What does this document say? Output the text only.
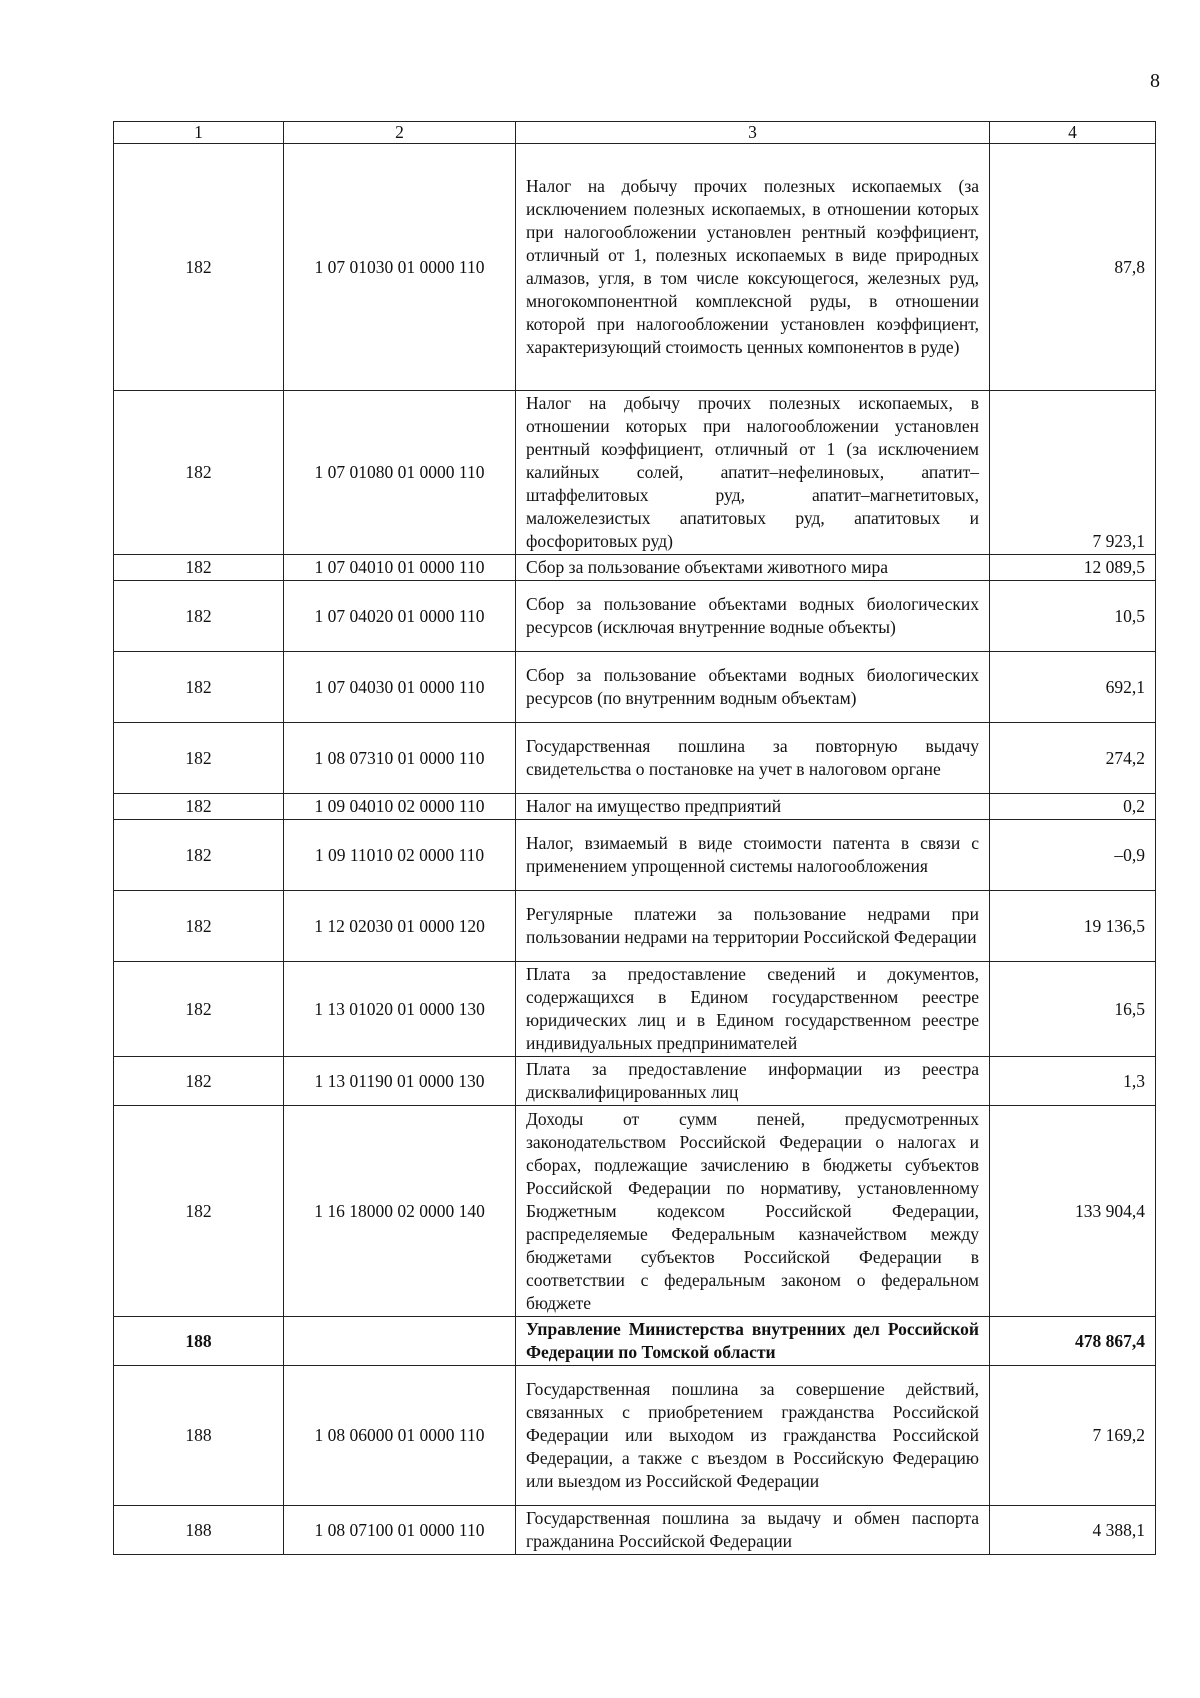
8
1	2	3	4
182	1 07 01030 01 0000 110	Налог на добычу прочих полезных ископаемых (за исключением полезных ископаемых, в отношении которых при налогообложении установлен рентный коэффициент, отличный от 1, полезных ископаемых в виде природных алмазов, угля, в том числе коксующегося, железных руд, многокомпонентной комплексной руды, в отношении которой при налогообложении установлен коэффициент, характеризующий стоимость ценных компонентов в руде)	87,8
182	1 07 01080 01 0000 110	Налог на добычу прочих полезных ископаемых, в отношении которых при налогообложении установлен рентный коэффициент, отличный от 1 (за исключением калийных солей, апатит–нефелиновых, апатит–штаффелитовых руд, апатит–магнетитовых, маложелезистых апатитовых руд, апатитовых и фосфоритовых руд)	7 923,1
182	1 07 04010 01 0000 110	Сбор за пользование объектами животного мира	12 089,5
182	1 07 04020 01 0000 110	Сбор за пользование объектами водных биологических ресурсов (исключая внутренние водные объекты)	10,5
182	1 07 04030 01 0000 110	Сбор за пользование объектами водных биологических ресурсов (по внутренним водным объектам)	692,1
182	1 08 07310 01 0000 110	Государственная пошлина за повторную выдачу свидетельства о постановке на учет в налоговом органе	274,2
182	1 09 04010 02 0000 110	Налог на имущество предприятий	0,2
182	1 09 11010 02 0000 110	Налог, взимаемый в виде стоимости патента в связи с применением упрощенной системы налогообложения	–0,9
182	1 12 02030 01 0000 120	Регулярные платежи за пользование недрами при пользовании недрами на территории Российской Федерации	19 136,5
182	1 13 01020 01 0000 130	Плата за предоставление сведений и документов, содержащихся в Едином государственном реестре юридических лиц и в Едином государственном реестре индивидуальных предпринимателей	16,5
182	1 13 01190 01 0000 130	Плата за предоставление информации из реестра дисквалифицированных лиц	1,3
182	1 16 18000 02 0000 140	Доходы от сумм пеней, предусмотренных законодательством Российской Федерации о налогах и сборах, подлежащие зачислению в бюджеты субъектов Российской Федерации по нормативу, установленному Бюджетным кодексом Российской Федерации, распределяемые Федеральным казначейством между бюджетами субъектов Российской Федерации в соответствии с федеральным законом о федеральном бюджете	133 904,4
188		Управление Министерства внутренних дел Российской Федерации по Томской области	478 867,4
188	1 08 06000 01 0000 110	Государственная пошлина за совершение действий, связанных с приобретением гражданства Российской Федерации или выходом из гражданства Российской Федерации, а также с въездом в Российскую Федерацию или выездом из Российской Федерации	7 169,2
188	1 08 07100 01 0000 110	Государственная пошлина за выдачу и обмен паспорта гражданина Российской Федерации	4 388,1
